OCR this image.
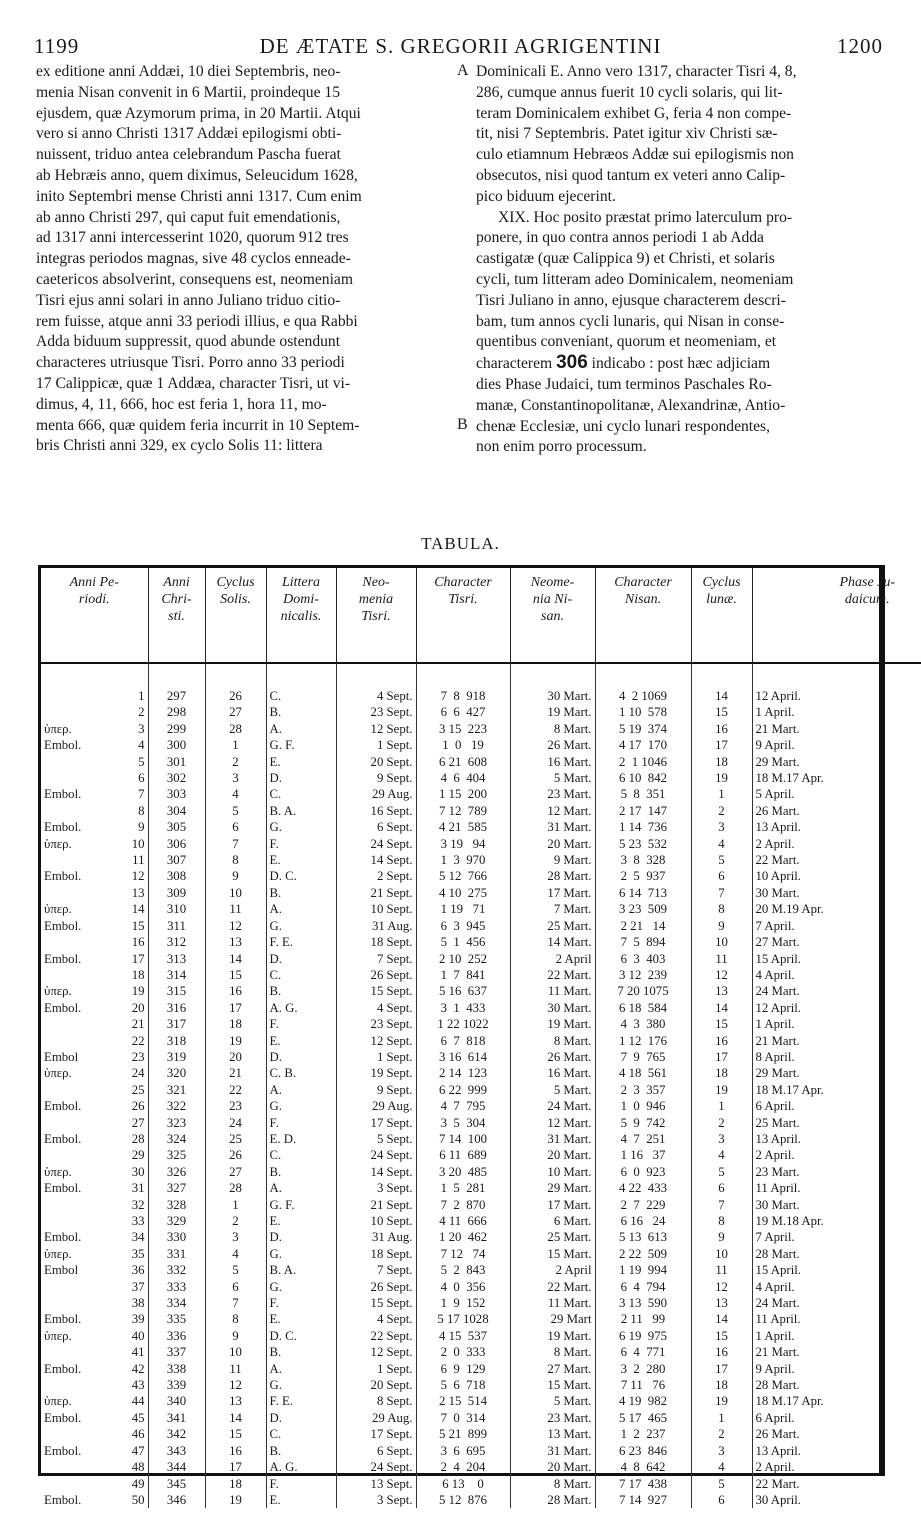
1199	DE ÆTATE S. GREGORII AGRIGENTINI	1200
A
B
ex editione anni Addæi, 10 diei Septembris, neo-
menia Nisan convenit in 6 Martii, proindeque 15
ejusdem, quæ Azymorum prima, in 20 Martii. Atqui
vero si anno Christi 1317 Addæi epilogismi obti-
nuissent, triduo antea celebrandum Pascha fuerat
ab Hebræis anno, quem diximus, Seleucidum 1628,
inito Septembri mense Christi anni 1317. Cum enim
ab anno Christi 297, qui caput fuit emendationis,
ad 1317 anni intercesserint 1020, quorum 912 tres
integras periodos magnas, sive 48 cyclos enneade-
caetericos absolverint, consequens est, neomeniam
Tisri ejus anni solari in anno Juliano triduo citio-
rem fuisse, atque anni 33 periodi illius, e qua Rabbi
Adda biduum suppressit, quod abunde ostendunt
characteres utriusque Tisri. Porro anno 33 periodi
17 Calippicæ, quæ 1 Addæa, character Tisri, ut vi-
dimus, 4, 11, 666, hoc est feria 1, hora 11, mo-
menta 666, quæ quidem feria incurrit in 10 Septem-
bris Christi anni 329, ex cyclo Solis 11: littera
Dominicali E. Anno vero 1317, character Tisri 4, 8,
286, cumque annus fuerit 10 cycli solaris, qui lit-
teram Dominicalem exhibet G, feria 4 non compe-
tit, nisi 7 Septembris. Patet igitur xiv Christi sæ-
culo etiamnum Hebræos Addæ sui epilogismis non
obsecutos, nisi quod tantum ex veteri anno Calip-
pico biduum ejecerint.
XIX. Hoc posito præstat primo laterculum pro-
ponere, in quo contra annos periodi 1 ab Adda
castigatæ (quæ Calippica 9) et Christi, et solaris
cycli, tum litteram adeo Dominicalem, neomeniam
Tisri Juliano in anno, ejusque characterem descri-
bam, tum annos cycli lunaris, qui Nisan in conse-
quentibus conveniant, quorum et neomeniam, et
characterem 306 indicabo : post hæc adjiciam
dies Phase Judaici, tum terminos Paschales Ro-
manæ, Constantinopolitanæ, Alexandrinæ, Antio-
chenæ Ecclesiæ, uni cyclo lunari respondentes,
non enim porro processum.
TABULA.
Anni Pe-
riodi.	Anni
Chri-
sti.	Cyclus
Solis.	Littera
Domi-
nicalis.	Neo-
menia
Tisri.	Character
Tisri.	Neome-
nia Ni-
san.	Character
Nisan.	Cyclus
lunæ.	Phase Ju-
daicum.

1	297	26	C.	4 Sept.	7  8  918	30 Mart.	4  2 1069	14	12 April.

2	298	27	B.	23 Sept.	6  6  427	19 Mart.	1 10  578	15	1 April.

ὑπερ. 3	299	28	A.	12 Sept.	3 15  223	8 Mart.	5 19  374	16	21 Mart.

Embol. 4	300	1	G. F.	1 Sept.	1  0   19	26 Mart.	4 17  170	17	9 April.

5	301	2	E.	20 Sept.	6 21  608	16 Mart.	2  1 1046	18	29 Mart.

6	302	3	D.	9 Sept.	4  6  404	5 Mart.	6 10  842	19	18 M.17 Apr.

Embol. 7	303	4	C.	29 Aug.	1 15  200	23 Mart.	5  8  351	1	5 April.

8	304	5	B. A.	16 Sept.	7 12  789	12 Mart.	2 17  147	2	26 Mart.

Embol. 9	305	6	G.	6 Sept.	4 21  585	31 Mart.	1 14  736	3	13 April.

ὑπερ. 10	306	7	F.	24 Sept.	3 19   94	20 Mart.	5 23  532	4	2 April.

11	307	8	E.	14 Sept.	1  3  970	9 Mart.	3  8  328	5	22 Mart.

Embol. 12	308	9	D. C.	2 Sept.	5 12  766	28 Mart.	2  5  937	6	10 April.

13	309	10	B.	21 Sept.	4 10  275	17 Mart.	6 14  713	7	30 Mart.

ὑπερ. 14	310	11	A.	10 Sept.	1 19   71	7 Mart.	3 23  509	8	20 M.19 Apr.

Embol. 15	311	12	G.	31 Aug.	6  3  945	25 Mart.	2 21   14	9	7 April.

16	312	13	F. E.	18 Sept.	5  1  456	14 Mart.	7  5  894	10	27 Mart.

Embol. 17	313	14	D.	7 Sept.	2 10  252	2 April	6  3  403	11	15 April.

18	314	15	C.	26 Sept.	1  7  841	22 Mart.	3 12  239	12	4 April.

ὑπερ. 19	315	16	B.	15 Sept.	5 16  637	11 Mart.	7 20 1075	13	24 Mart.

Embol. 20	316	17	A. G.	4 Sept.	3  1  433	30 Mart.	6 18  584	14	12 April.

21	317	18	F.	23 Sept.	1 22 1022	19 Mart.	4  3  380	15	1 April.

22	318	19	E.	12 Sept.	6  7  818	8 Mart.	1 12  176	16	21 Mart.

Embol 23	319	20	D.	1 Sept.	3 16  614	26 Mart.	7  9  765	17	8 April.

ὑπερ. 24	320	21	C. B.	19 Sept.	2 14  123	16 Mart.	4 18  561	18	29 Mart.

25	321	22	A.	9 Sept.	6 22  999	5 Mart.	2  3  357	19	18 M.17 Apr.

Embol. 26	322	23	G.	29 Aug.	4  7  795	24 Mart.	1  0  946	1	6 April.

27	323	24	F.	17 Sept.	3  5  304	12 Mart.	5  9  742	2	25 Mart.

Embol. 28	324	25	E. D.	5 Sept.	7 14  100	31 Mart.	4  7  251	3	13 April.

29	325	26	C.	24 Sept.	6 11  689	20 Mart.	1 16   37	4	2 April.

ὑπερ. 30	326	27	B.	14 Sept.	3 20  485	10 Mart.	6  0  923	5	23 Mart.

Embol. 31	327	28	A.	3 Sept.	1  5  281	29 Mart.	4 22  433	6	11 April.

32	328	1	G. F.	21 Sept.	7  2  870	17 Mart.	2  7  229	7	30 Mart.

33	329	2	E.	10 Sept.	4 11  666	6 Mart.	6 16   24	8	19 M.18 Apr.

Embol. 34	330	3	D.	31 Aug.	1 20  462	25 Mart.	5 13  613	9	7 April.

ὑπερ. 35	331	4	G.	18 Sept.	7 12   74	15 Mart.	2 22  509	10	28 Mart.

Embol 36	332	5	B. A.	7 Sept.	5  2  843	2 April	1 19  994	11	15 April.

37	333	6	G.	26 Sept.	4  0  356	22 Mart.	6  4  794	12	4 April.

38	334	7	F.	15 Sept.	1  9  152	11 Mart.	3 13  590	13	24 Mart.

Embol. 39	335	8	E.	4 Sept.	5 17 1028	29 Mart	2 11   99	14	11 April.

ὑπερ. 40	336	9	D. C.	22 Sept.	4 15  537	19 Mart.	6 19  975	15	1 April.

41	337	10	B.	12 Sept.	2  0  333	8 Mart.	6  4  771	16	21 Mart.

Embol. 42	338	11	A.	1 Sept.	6  9  129	27 Mart.	3  2  280	17	9 April.

43	339	12	G.	20 Sept.	5  6  718	15 Mart.	7 11   76	18	28 Mart.

ὑπερ. 44	340	13	F. E.	8 Sept.	2 15  514	5 Mart.	4 19  982	19	18 M.17 Apr.

Embol. 45	341	14	D.	29 Aug.	7  0  314	23 Mart.	5 17  465	1	6 April.

46	342	15	C.	17 Sept.	5 21  899	13 Mart.	1  2  237	2	26 Mart.

Embol. 47	343	16	B.	6 Sept.	3  6  695	31 Mart.	6 23  846	3	13 April.

48	344	17	A. G.	24 Sept.	2  4  204	20 Mart.	4  8  642	4	2 April.

49	345	18	F.	13 Sept.	6 13    0	8 Mart.	7 17  438	5	22 Mart.

Embol. 50	346	19	E.	3 Sept.	5 12  876	28 Mart.	7 14  927	6	30 April.
